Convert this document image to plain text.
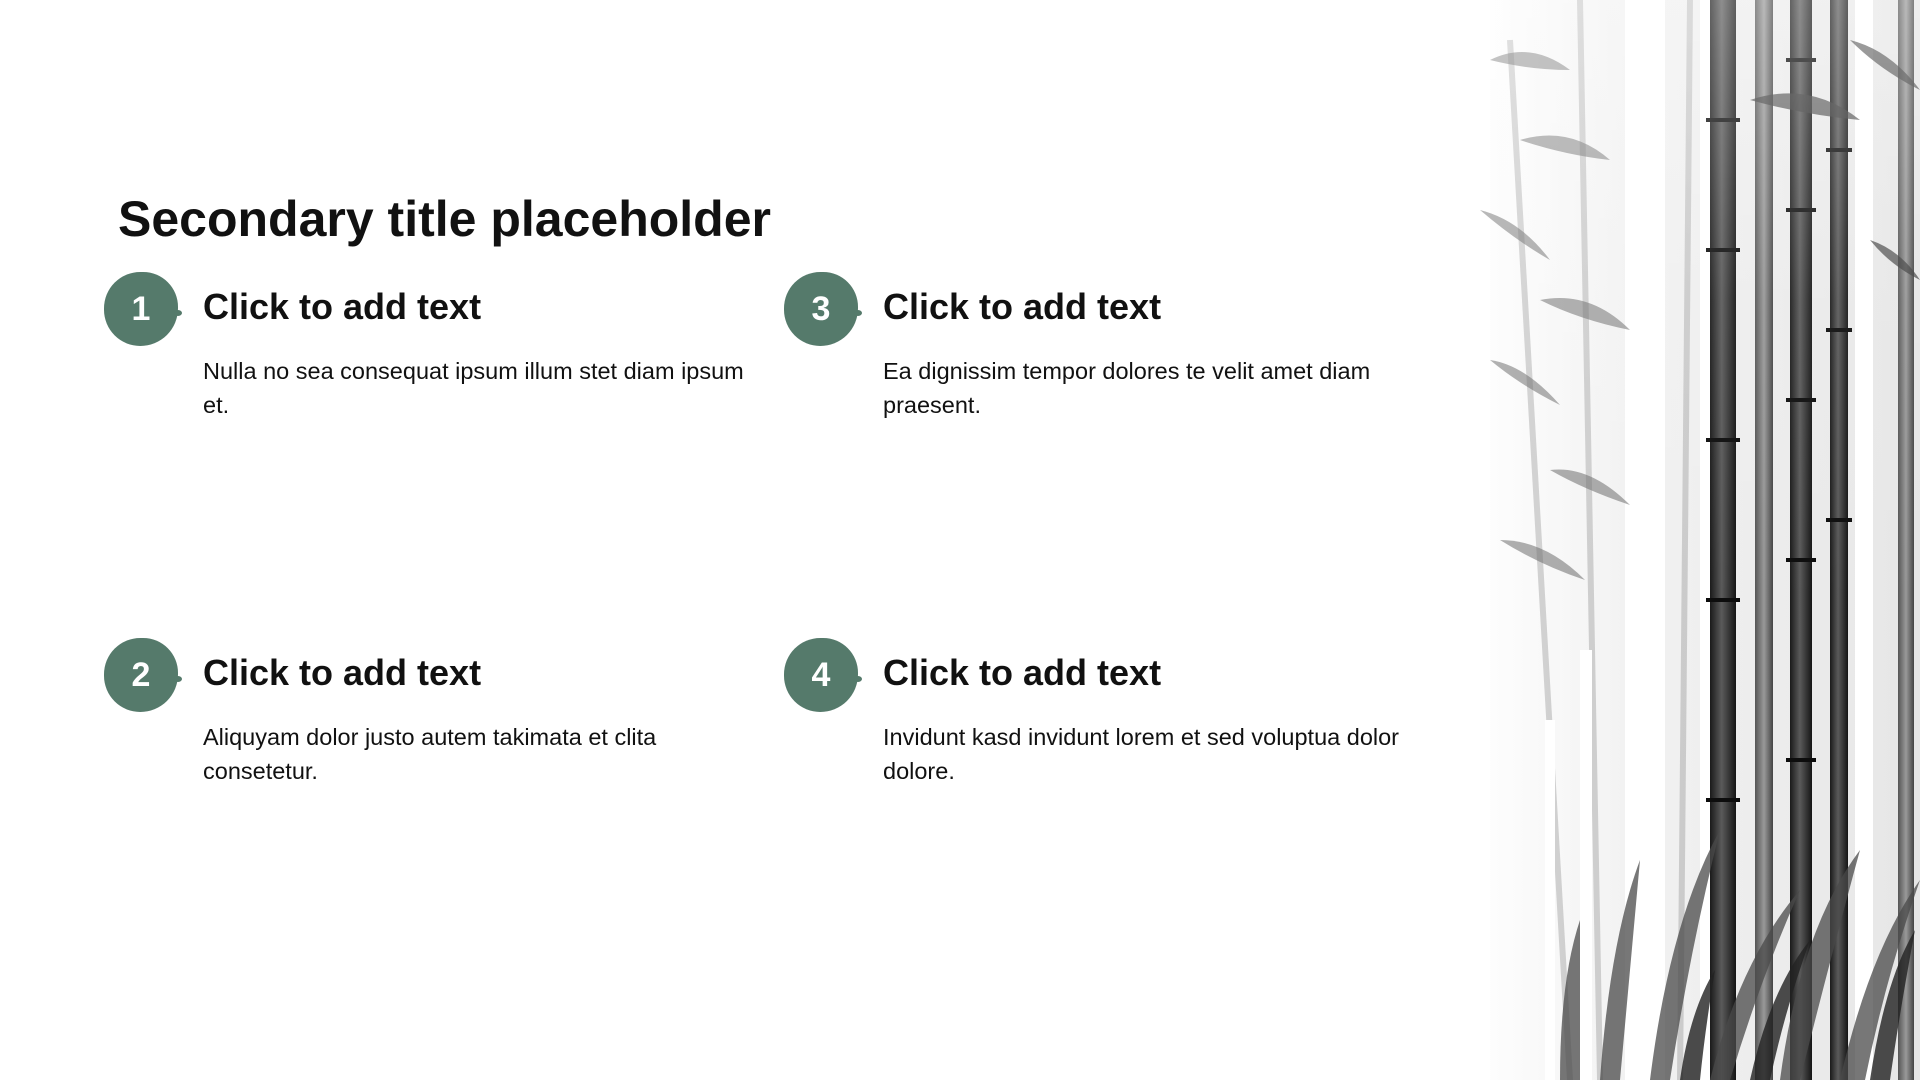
Secondary title placeholder
1	Click to add text
Nulla no sea consequat ipsum illum stet diam ipsum et.
3	Click to add text
Ea dignissim tempor dolores te velit amet diam praesent.
2	Click to add text
Aliquyam dolor justo autem takimata et clita consetetur.
4	Click to add text
Invidunt kasd invidunt lorem et sed voluptua dolor dolore.
